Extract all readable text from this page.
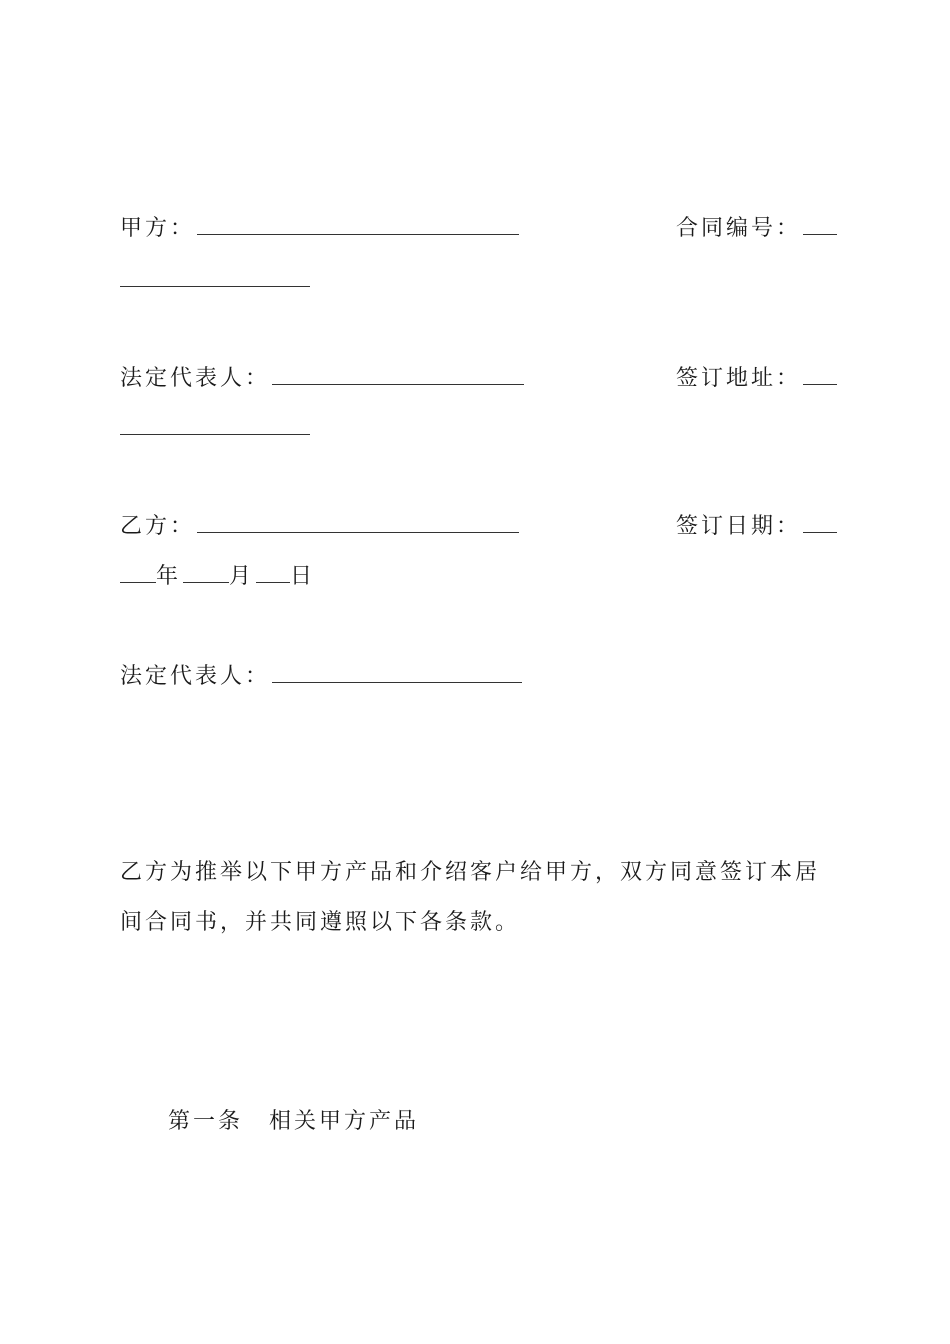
甲方：	合同编号：
法定代表人：	签订地址：
乙方：	签订日期：
年 月 日
法定代表人：
乙方为推举以下甲方产品和介绍客户给甲方，双方同意签订本居间合同书，并共同遵照以下各条款。
第一条 相关甲方产品
